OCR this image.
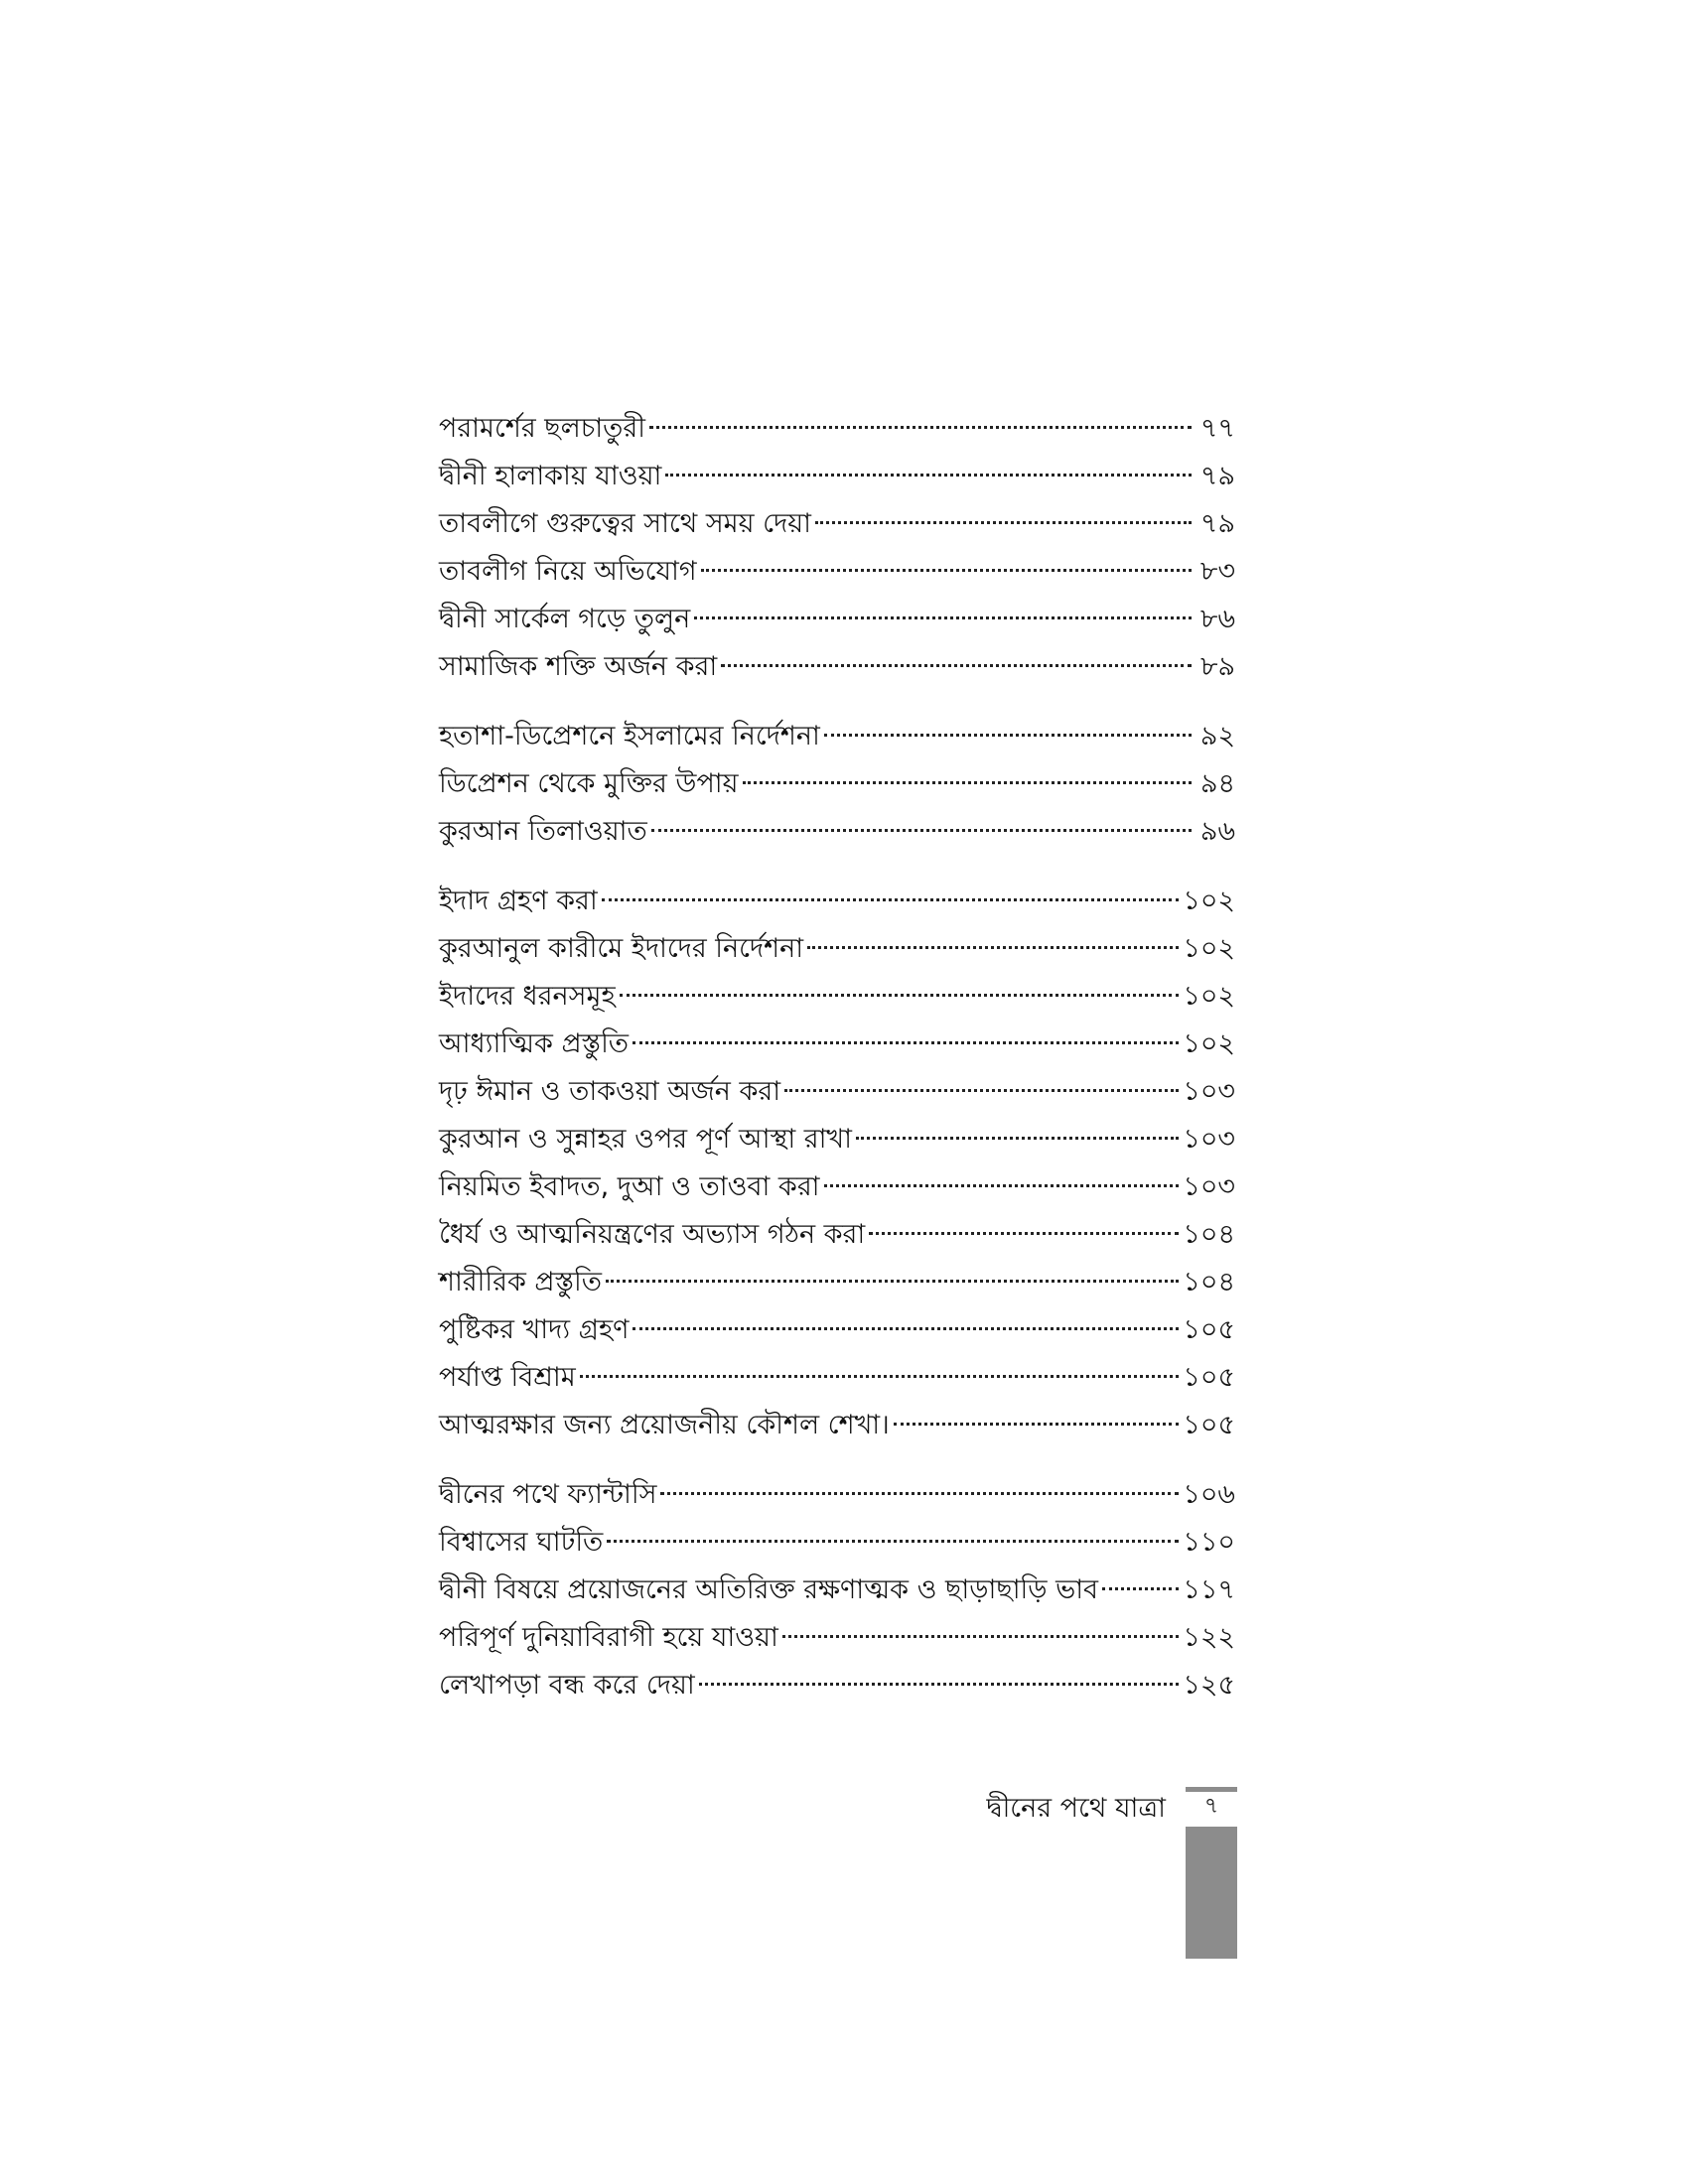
পরামর্শের ছলচাতুরী	৭৭
দ্বীনী হালাকায় যাওয়া	৭৯
তাবলীগে গুরুত্বের সাথে সময় দেয়া	৭৯
তাবলীগ নিয়ে অভিযোগ	৮৩
দ্বীনী সার্কেল গড়ে তুলুন	৮৬
সামাজিক শক্তি অর্জন করা	৮৯
হতাশা-ডিপ্রেশনে ইসলামের নির্দেশনা	৯২
ডিপ্রেশন থেকে মুক্তির উপায়	৯৪
কুরআন তিলাওয়াত	৯৬
ইদাদ গ্রহণ করা	১০২
কুরআনুল কারীমে ইদাদের নির্দেশনা	১০২
ইদাদের ধরনসমূহ	১০২
আধ্যাত্মিক প্রস্তুতি	১০২
দৃঢ় ঈমান ও তাকওয়া অর্জন করা	১০৩
কুরআন ও সুন্নাহর ওপর পূর্ণ আস্থা রাখা	১০৩
নিয়মিত ইবাদত, দুআ ও তাওবা করা	১০৩
ধৈর্য ও আত্মনিয়ন্ত্রণের অভ্যাস গঠন করা	১০৪
শারীরিক প্রস্তুতি	১০৪
পুষ্টিকর খাদ্য গ্রহণ	১০৫
পর্যাপ্ত বিশ্রাম	১০৫
আত্মরক্ষার জন্য প্রয়োজনীয় কৌশল শেখা।	১০৫
দ্বীনের পথে ফ্যান্টাসি	১০৬
বিশ্বাসের ঘাটতি	১১০
দ্বীনী বিষয়ে প্রয়োজনের অতিরিক্ত রক্ষণাত্মক ও ছাড়াছাড়ি ভাব	১১৭
পরিপূর্ণ দুনিয়াবিরাগী হয়ে যাওয়া	১২২
লেখাপড়া বন্ধ করে দেয়া	১২৫
দ্বীনের পথে যাত্রা	৭
